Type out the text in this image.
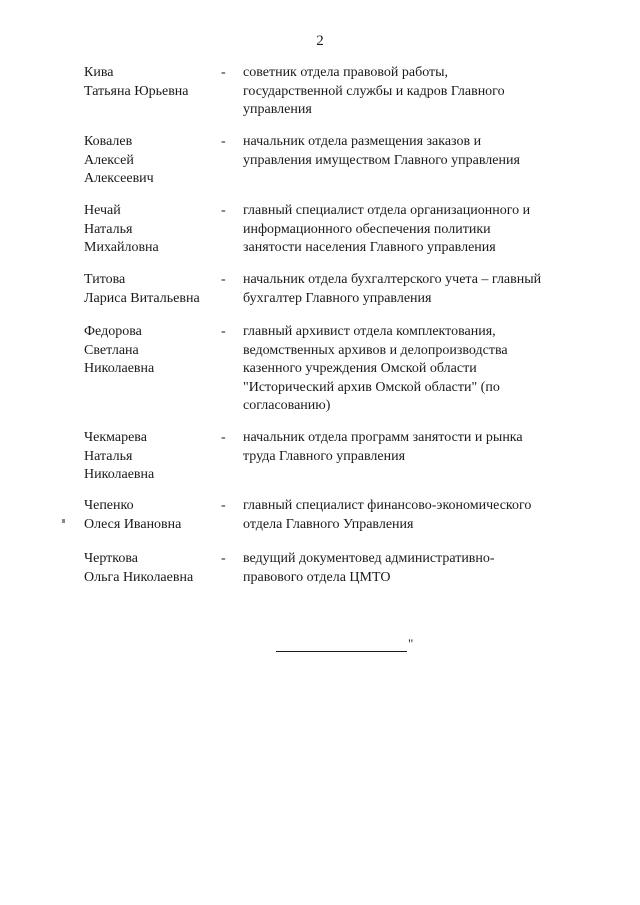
2
Кива
Татьяна Юрьевна
- советник отдела правовой работы,
государственной службы и кадров Главного
управления
Ковалев
Алексей
Алексеевич
- начальник отдела размещения заказов и
управления имуществом Главного управления
Нечай
Наталья
Михайловна
- главный специалист отдела организационного и
информационного обеспечения политики
занятости населения Главного управления
Титова
Лариса Витальевна
- начальник отдела бухгалтерского учета – главный
бухгалтер Главного управления
Федорова
Светлана
Николаевна
- главный архивист отдела комплектования,
ведомственных архивов и делопроизводства
казенного учреждения Омской области
"Исторический архив Омской области" (по
согласованию)
Чекмарева
Наталья
Николаевна
- начальник отдела программ занятости и рынка
труда Главного управления
Чепенко
Олеся Ивановна
- главный специалист финансово-экономического
отдела Главного Управления
Черткова
Ольга Николаевна
- ведущий документовед административно-
правового отдела ЦМТО
"
